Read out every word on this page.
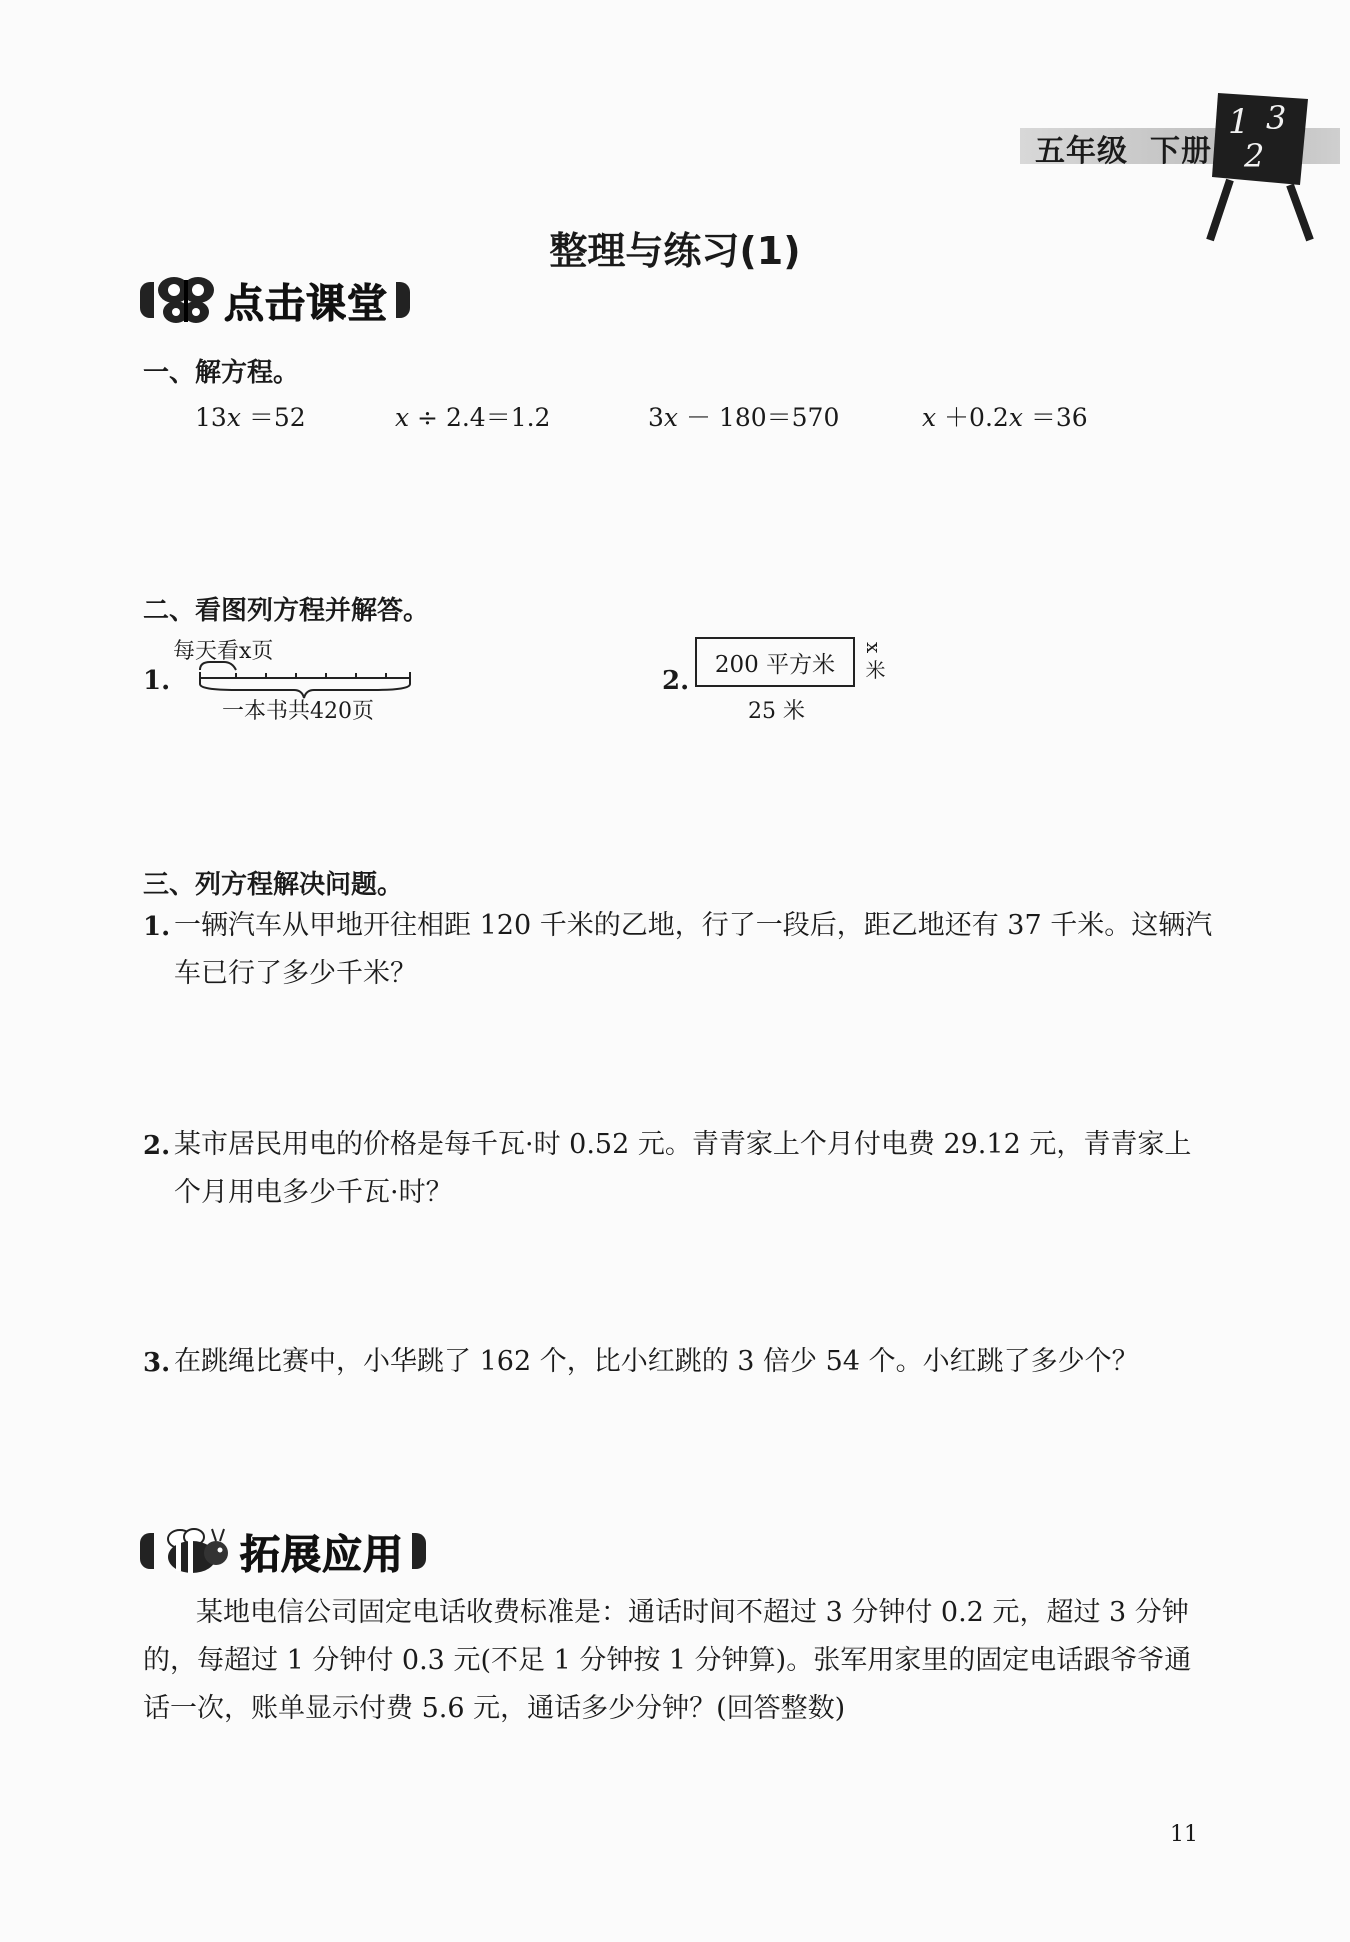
五年级 下册
1 3
2
整理与练习(1)
点击课堂
一、解方程。
13x ＝52	x ÷ 2.4＝1.2	3x － 180＝570	x ＋0.2x ＝36
二、看图列方程并解答。
1.
每天看x页
一本书共420页
2.
200 平方米
25 米
x 米
三、列方程解决问题。
1. 一辆汽车从甲地开往相距 120 千米的乙地，行了一段后，距乙地还有 37 千米。这辆汽
车已行了多少千米？
2. 某市居民用电的价格是每千瓦·时 0.52 元。青青家上个月付电费 29.12 元，青青家上
个月用电多少千瓦·时？
3. 在跳绳比赛中，小华跳了 162 个，比小红跳的 3 倍少 54 个。小红跳了多少个？
拓展应用
某地电信公司固定电话收费标准是：通话时间不超过 3 分钟付 0.2 元，超过 3 分钟
的，每超过 1 分钟付 0.3 元(不足 1 分钟按 1 分钟算)。张军用家里的固定电话跟爷爷通
话一次，账单显示付费 5.6 元，通话多少分钟？(回答整数)
11
